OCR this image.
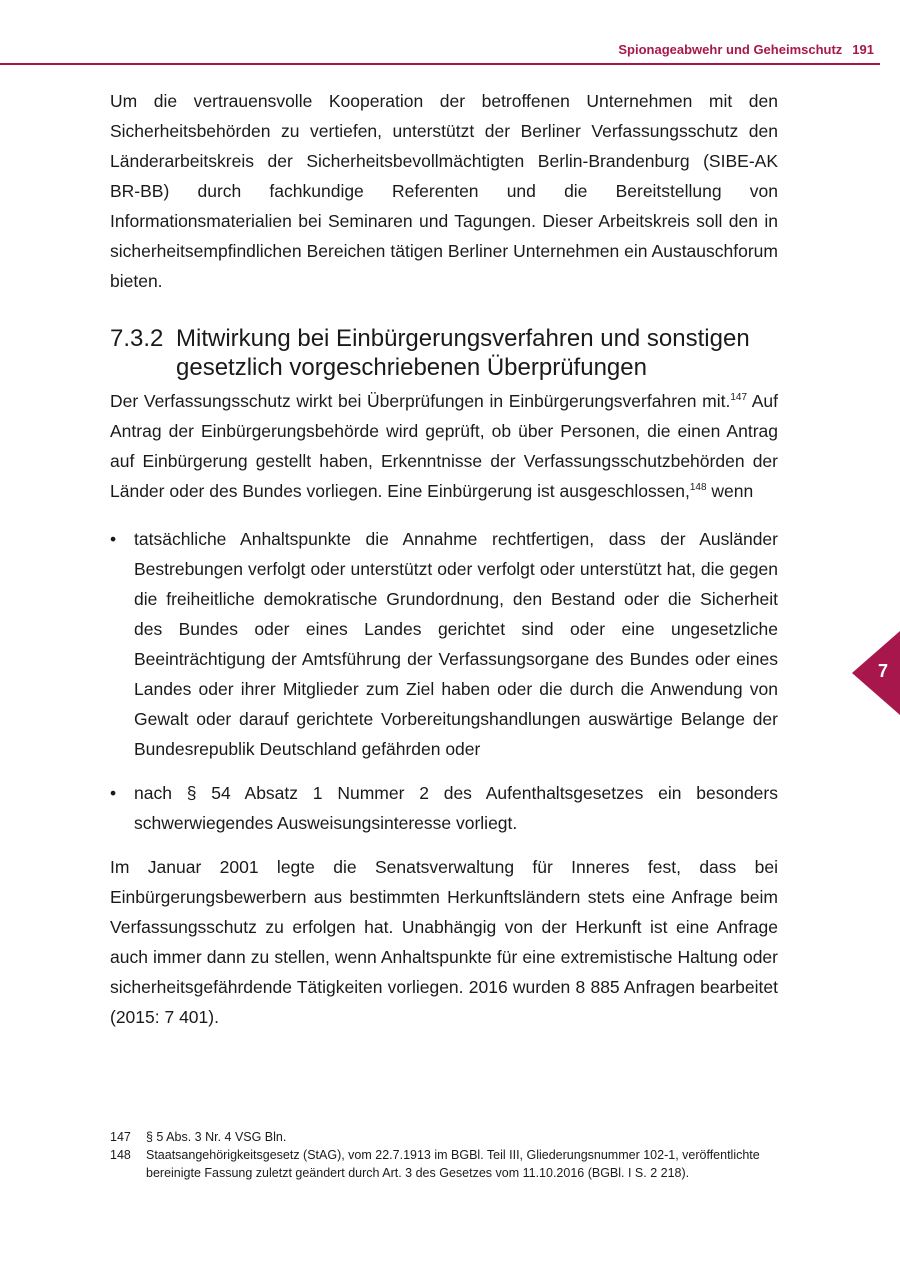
Spionageabwehr und Geheimschutz 191

Um die vertrauensvolle Kooperation der betroffenen Unternehmen mit den Sicherheitsbehörden zu vertiefen, unterstützt der Berliner Verfassungsschutz den Länderarbeitskreis der Sicherheitsbevollmächtigten Berlin-Brandenburg (SIBE-AK BR-BB) durch fachkundige Referenten und die Bereitstellung von Informationsmaterialien bei Seminaren und Tagungen. Dieser Arbeitskreis soll den in sicherheitsempfindlichen Bereichen tätigen Berliner Unternehmen ein Austauschforum bieten.

7.3.2 Mitwirkung bei Einbürgerungsverfahren und sonstigen gesetzlich vorgeschriebenen Überprüfungen

Der Verfassungsschutz wirkt bei Überprüfungen in Einbürgerungsverfahren mit.$^{147}$ Auf Antrag der Einbürgerungsbehörde wird geprüft, ob über Personen, die einen Antrag auf Einbürgerung gestellt haben, Erkenntnisse der Verfassungsschutzbehörden der Länder oder des Bundes vorliegen. Eine Einbürgerung ist ausgeschlossen,$^{148}$ wenn

• tatsächliche Anhaltspunkte die Annahme rechtfertigen, dass der Ausländer Bestrebungen verfolgt oder unterstützt oder verfolgt oder unterstützt hat, die gegen die freiheitliche demokratische Grundordnung, den Bestand oder die Sicherheit des Bundes oder eines Landes gerichtet sind oder eine ungesetzliche Beeinträchtigung der Amtsführung der Verfassungsorgane des Bundes oder eines Landes oder ihrer Mitglieder zum Ziel haben oder die durch die Anwendung von Gewalt oder darauf gerichtete Vorbereitungshandlungen auswärtige Belange der Bundesrepublik Deutschland gefährden oder
• nach § 54 Absatz 1 Nummer 2 des Aufenthaltsgesetzes ein besonders schwerwiegendes Ausweisungsinteresse vorliegt.

Im Januar 2001 legte die Senatsverwaltung für Inneres fest, dass bei Einbürgerungsbewerbern aus bestimmten Herkunftsländern stets eine Anfrage beim Verfassungsschutz zu erfolgen hat. Unabhängig von der Herkunft ist eine Anfrage auch immer dann zu stellen, wenn Anhaltspunkte für eine extremistische Haltung oder sicherheitsgefährdende Tätigkeiten vorliegen. 2016 wurden 8 885 Anfragen bearbeitet (2015: 7 401).

7
147	§ 5 Abs. 3 Nr. 4 VSG Bln.
148	Staatsangehörigkeitsgesetz (StAG), vom 22.7.1913 im BGBl. Teil III, Gliederungsnummer 102-1, veröffentlichte bereinigte Fassung zuletzt geändert durch Art. 3 des Gesetzes vom 11.10.2016 (BGBl. I S. 2 218).
